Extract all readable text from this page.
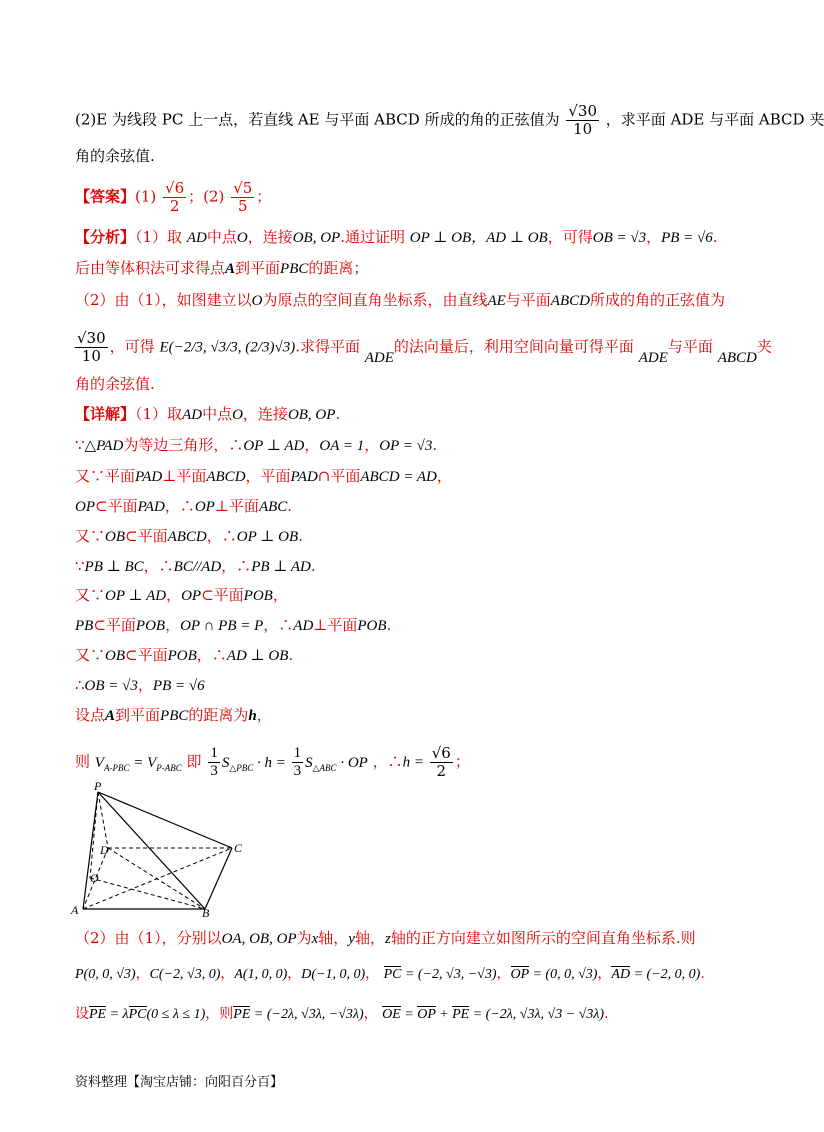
(2)E 为线段 PC 上一点，若直线 AE 与平面 ABCD 所成的角的正弦值为 $\frac{√30}{10}$ ，求平面 ADE 与平面 ABCD 夹
角的余弦值.
【答案】$(1) \frac{√6}{2}$ ；$(2) \frac{√5}{5}$ ；
【分析】（1）取 AD中点O，连接OB, OP.通过证明 OP ⊥ OB，AD ⊥ OB，可得OB = √3，PB = √6.
后由等体积法可求得点A到平面PBC的距离；
（2）由（1），如图建立以O为原点的空间直角坐标系，由直线AE与平面ABCD所成的角的正弦值为
$\frac{√30}{10}$ ，可得 E(−2/3, √3/3, (2/3)√3).求得平面 ADE的法向量后，利用空间向量可得平面 ADE与平面 ABCD夹
角的余弦值.
【详解】（1）取AD中点O，连接OB, OP.
∵△PAD为等边三角形，∴OP ⊥ AD，OA = 1，OP = √3.
又∵平面PAD⊥平面ABCD，平面PAD∩平面ABCD = AD，
OP⊂平面PAD，∴OP⊥平面ABC.
又∵OB⊂平面ABCD，∴OP ⊥ OB.
∵PB ⊥ BC，∴BC//AD，∴PB ⊥ AD.
又∵OP ⊥ AD，OP⊂平面POB，
PB⊂平面POB，OP ∩ PB = P，∴AD⊥平面POB.
又∵OB⊂平面POB，∴AD ⊥ OB.
∴OB = √3，PB = √6
设点A到平面PBC的距离为h，
则 $V_{A-PBC} = V_{P-ABC}$ 即 $\frac{1}{3} S_{\triangle PBC} \cdot h = \frac{1}{3} S_{\triangle ABC}$ · OP ，∴h = $\frac{√6}{2}$ ；
P
D	C
O
A	B
（2）由（1），分别以OA, OB, OP为x轴，y轴，z轴的正方向建立如图所示的空间直角坐标系.则
P(0, 0, √3)，C(−2, √3, 0)，A(1, 0, 0)，D(−1, 0, 0)， PC = (−2, √3, −√3)，OP = (0, 0, √3)，AD = (−2, 0, 0).
设PE = λPC(0 ≤ λ ≤ 1)，则PE = (−2λ, √3λ, −√3λ)， OE = OP + PE = (−2λ, √3λ, √3 − √3λ).
资料整理【淘宝店铺：向阳百分百】
